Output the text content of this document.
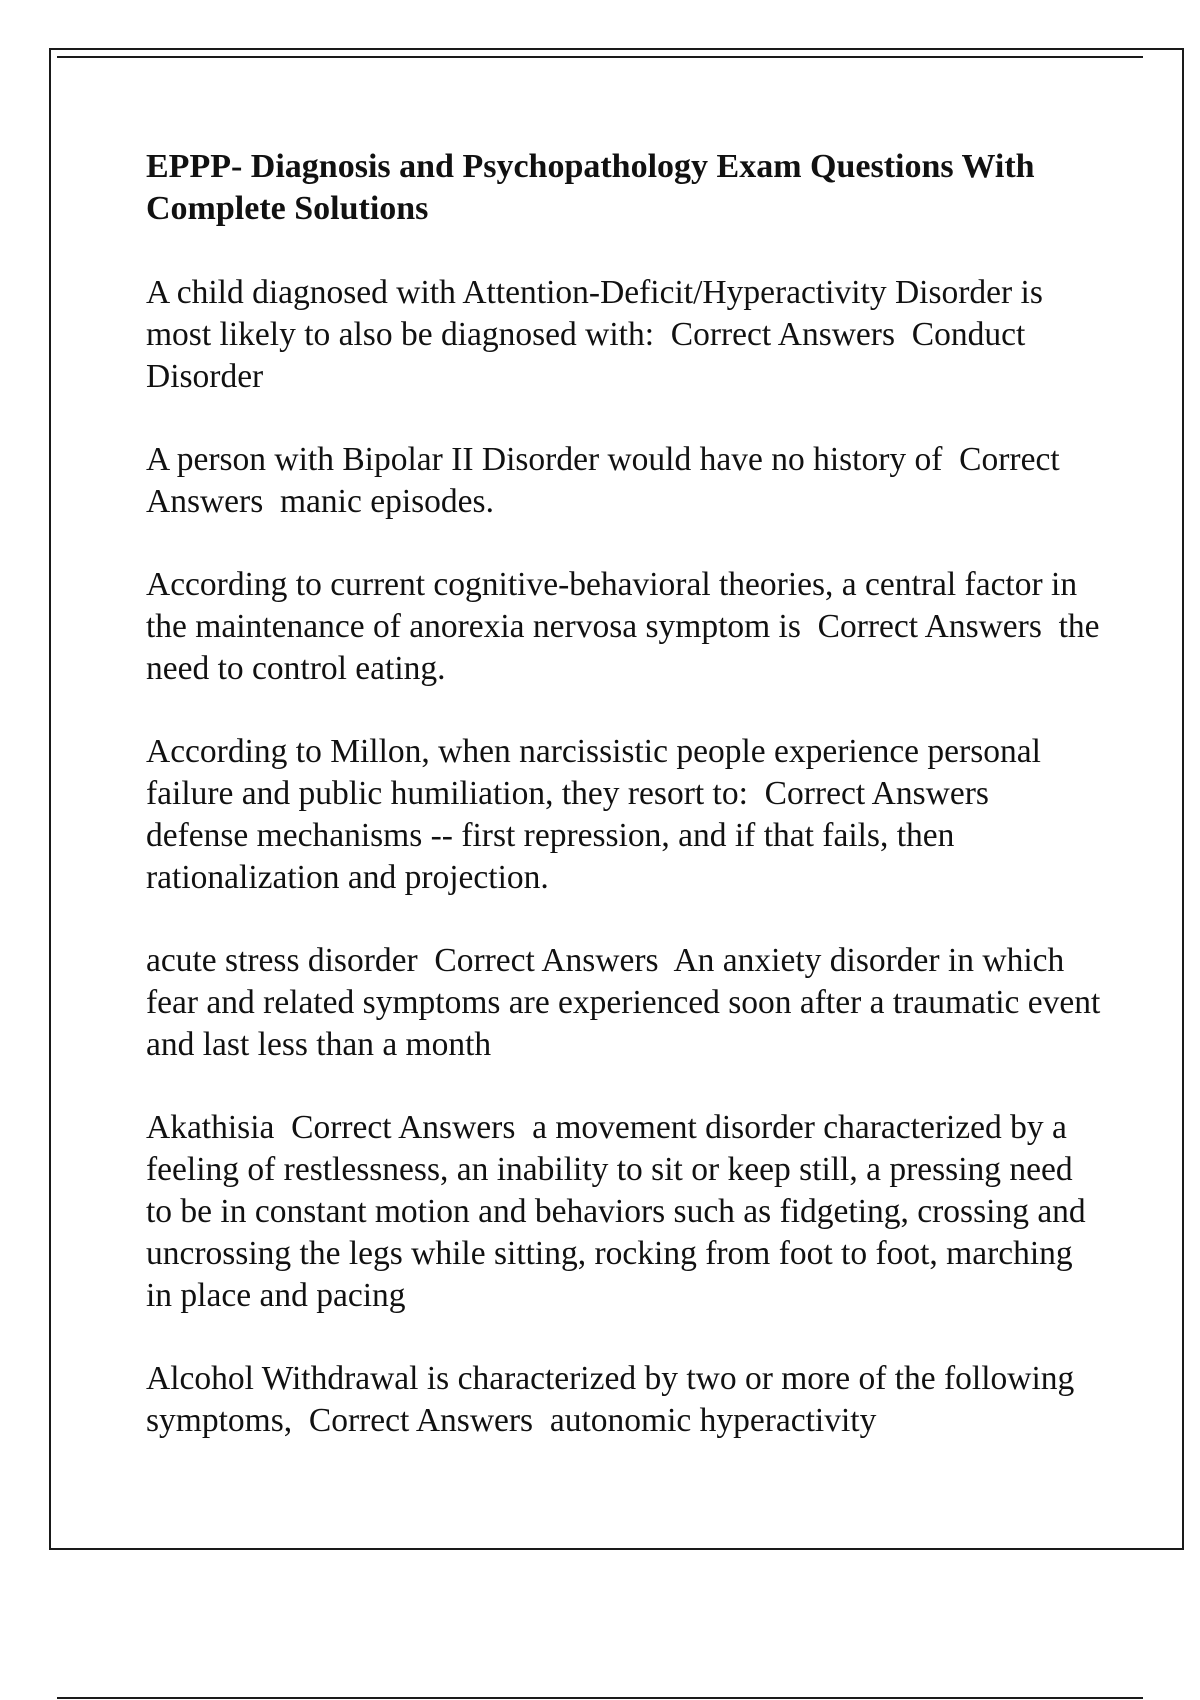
EPPP- Diagnosis and Psychopathology Exam Questions With Complete Solutions
A child diagnosed with Attention-Deficit/Hyperactivity Disorder is most likely to also be diagnosed with:  Correct Answers  Conduct Disorder
A person with Bipolar II Disorder would have no history of  Correct Answers  manic episodes.
According to current cognitive-behavioral theories, a central factor in the maintenance of anorexia nervosa symptom is  Correct Answers  the need to control eating.
According to Millon, when narcissistic people experience personal failure and public humiliation, they resort to:  Correct Answers  defense mechanisms -- first repression, and if that fails, then rationalization and projection.
acute stress disorder  Correct Answers  An anxiety disorder in which fear and related symptoms are experienced soon after a traumatic event and last less than a month
Akathisia  Correct Answers  a movement disorder characterized by a feeling of restlessness, an inability to sit or keep still, a pressing need to be in constant motion and behaviors such as fidgeting, crossing and uncrossing the legs while sitting, rocking from foot to foot, marching in place and pacing
Alcohol Withdrawal is characterized by two or more of the following symptoms,  Correct Answers  autonomic hyperactivity
